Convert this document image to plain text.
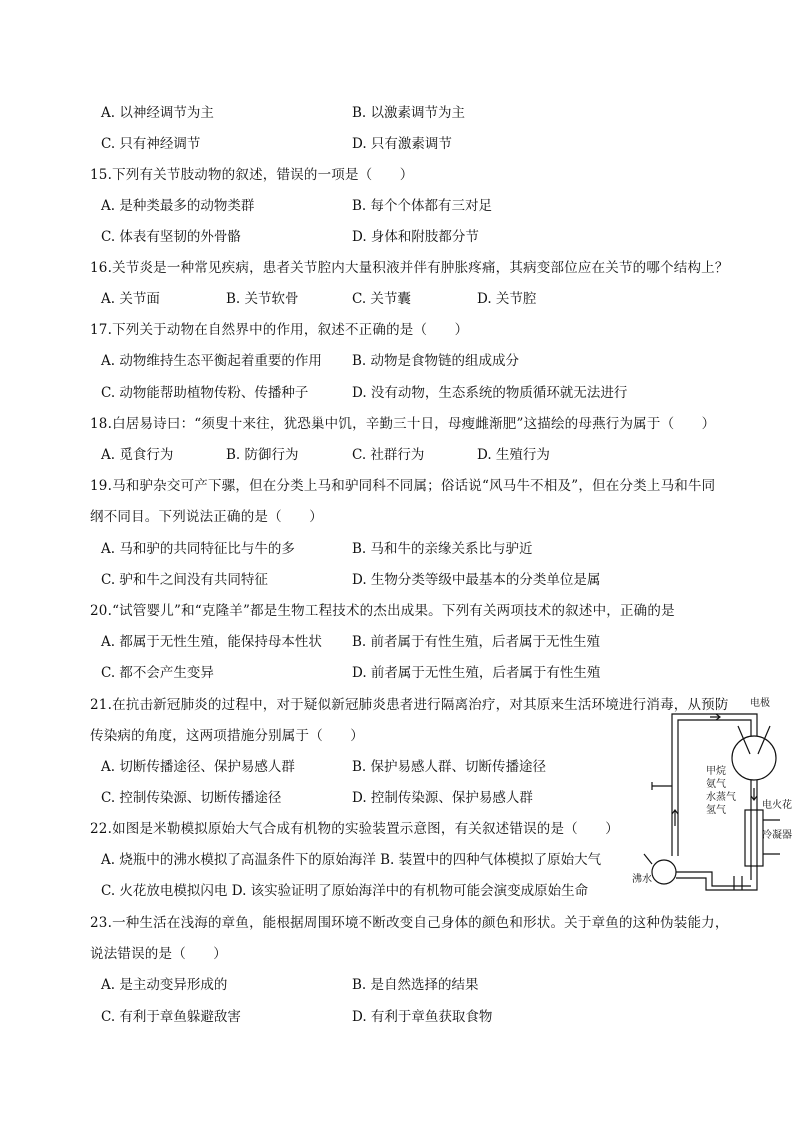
A. 以神经调节为主	B. 以激素调节为主
C. 只有神经调节	D. 只有激素调节
15.下列有关节肢动物的叙述，错误的一项是（　　）
A. 是种类最多的动物类群	B. 每个个体都有三对足
C. 体表有坚韧的外骨骼	D. 身体和附肢都分节
16.关节炎是一种常见疾病，患者关节腔内大量积液并伴有肿胀疼痛，其病变部位应在关节的哪个结构上？
A. 关节面	B. 关节软骨	C. 关节囊	D. 关节腔
17.下列关于动物在自然界中的作用，叙述不正确的是（　　）
A. 动物维持生态平衡起着重要的作用 B. 动物是食物链的组成成分
C. 动物能帮助植物传粉、传播种子	D. 没有动物，生态系统的物质循环就无法进行
18.白居易诗曰：“须叟十来往，犹恐巢中饥，辛勤三十日，母瘦雌渐肥”这描绘的母燕行为属于（　　）
A. 觅食行为	B. 防御行为	C. 社群行为	D. 生殖行为
19.马和驴杂交可产下骡，但在分类上马和驴同科不同属；俗话说“风马牛不相及”，但在分类上马和牛同
纲不同目。下列说法正确的是（　　）
A. 马和驴的共同特征比与牛的多	B. 马和牛的亲缘关系比与驴近
C. 驴和牛之间没有共同特征	D. 生物分类等级中最基本的分类单位是属
20.“试管婴儿”和“克隆羊”都是生物工程技术的杰出成果。下列有关两项技术的叙述中，正确的是
A. 都属于无性生殖，能保持母本性状 B. 前者属于有性生殖，后者属于无性生殖
C. 都不会产生变异	D. 前者属于无性生殖，后者属于有性生殖
21.在抗击新冠肺炎的过程中，对于疑似新冠肺炎患者进行隔离治疗，对其原来生活环境进行消毒，从预防
传染病的角度，这两项措施分别属于（　　）
A. 切断传播途径、保护易感人群	B. 保护易感人群、切断传播途径
C. 控制传染源、切断传播途径	D. 控制传染源、保护易感人群
22.如图是米勒模拟原始大气合成有机物的实验装置示意图，有关叙述错误的是（　　）
A. 烧瓶中的沸水模拟了高温条件下的原始海洋 B. 装置中的四种气体模拟了原始大气
C. 火花放电模拟闪电 D. 该实验证明了原始海洋中的有机物可能会演变成原始生命
23.一种生活在浅海的章鱼，能根据周围环境不断改变自己身体的颜色和形状。关于章鱼的这种伪装能力，
说法错误的是（　　）
A. 是主动变异形成的	B. 是自然选择的结果
C. 有利于章鱼躲避敌害	D. 有利于章鱼获取食物
电极
甲烷
氨气
水蒸气
氢气	电火花
冷凝器
沸水
